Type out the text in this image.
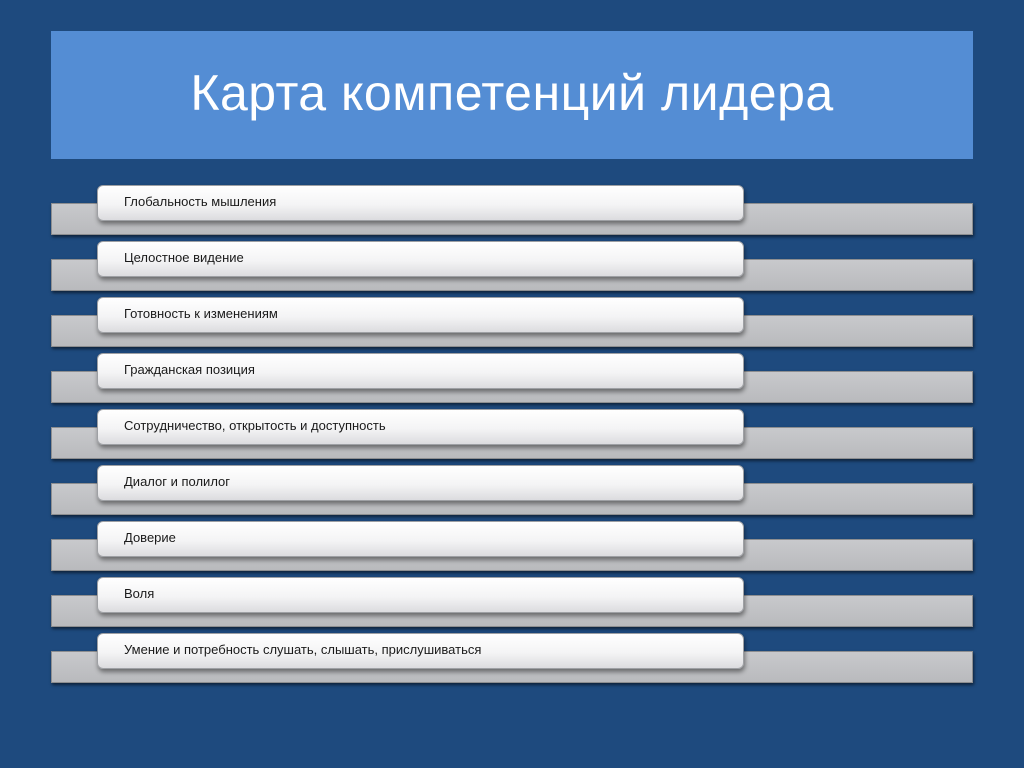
Карта компетенций лидера
Глобальность мышления
Целостное видение
Готовность к изменениям
Гражданская позиция
Сотрудничество, открытость и доступность
Диалог и полилог
Доверие
Воля
Умение и потребность слушать, слышать, прислушиваться
